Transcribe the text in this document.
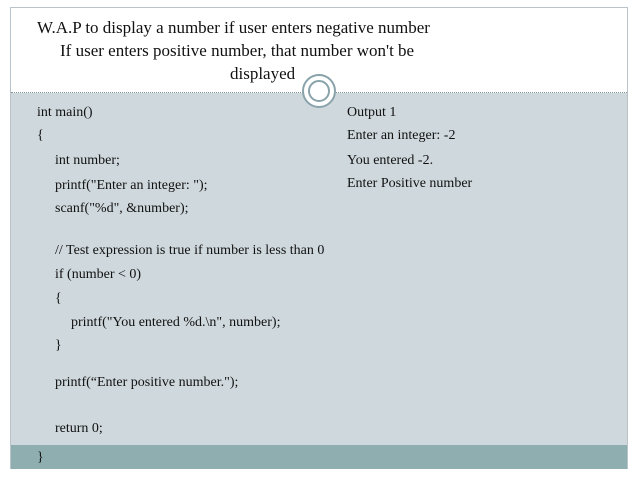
W.A.P to display a number if user enters negative number
If user enters positive number, that number won't be
displayed
int main()
{
int number;
printf("Enter an integer: ");
scanf("%d", &number);
// Test expression is true if number is less than 0
if (number < 0)
{
printf("You entered %d.\n", number);
}
printf(“Enter positive number.");
return 0;
Output 1
Enter an integer: -2
You entered -2.
Enter Positive number
}
